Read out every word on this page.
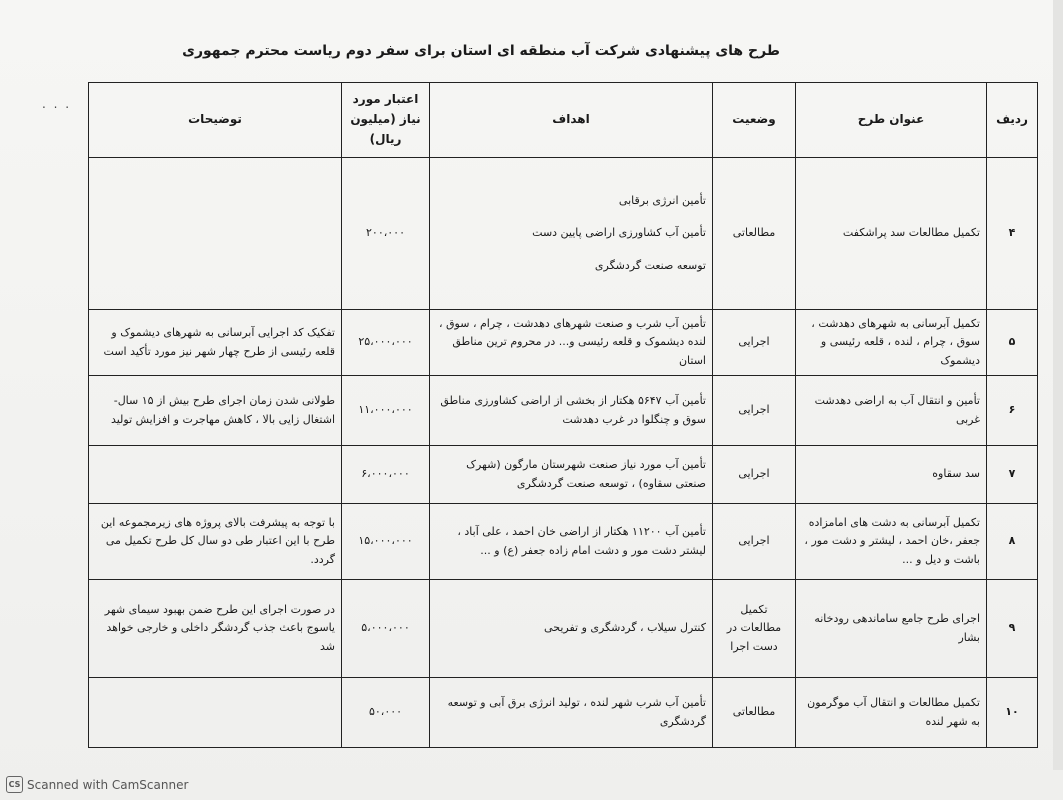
. . .
طرح های پیشنهادی شرکت آب منطقه ای استان برای سفر دوم ریاست محترم جمهوری
ردیف	عنوان طرح	وضعیت	اهداف	اعتبار مورد نیاز (میلیون ریال)	توضیحات
۴	تکمیل مطالعات سد پراشکفت	مطالعاتی	تأمین انرژی برقابی
تأمین آب کشاورزی اراضی پایین دست
توسعه صنعت گردشگری	۲۰۰،۰۰۰	
۵	تکمیل آبرسانی به شهرهای دهدشت ، سوق ، چرام ، لنده ، قلعه رئیسی و دیشموک	اجرایی	تأمین آب شرب و صنعت شهرهای دهدشت ، چرام ، سوق ، لنده دیشموک و قلعه رئیسی و... در محروم ترین مناطق استان	۲۵،۰۰۰،۰۰۰	تفکیک کد اجرایی آبرسانی به شهرهای دیشموک و قلعه رئیسی از طرح چهار شهر نیز مورد تأکید است
۶	تأمین و انتقال آب به اراضی دهدشت غربی	اجرایی	تأمین آب ۵۶۴۷ هکتار از بخشی از اراضی کشاورزی مناطق سوق و چنگلوا در غرب دهدشت	۱۱،۰۰۰،۰۰۰	طولانی شدن زمان اجرای طرح بیش از ۱۵ سال- اشتغال زایی بالا ، کاهش مهاجرت و افزایش تولید
۷	سد سقاوه	اجرایی	تأمین آب مورد نیاز صنعت شهرستان مارگون (شهرک صنعتی سقاوه) ، توسعه صنعت گردشگری	۶،۰۰۰،۰۰۰	
۸	تکمیل آبرسانی به دشت های امامزاده جعفر ،خان احمد ، لیشتر و دشت مور ، باشت و دیل و ...	اجرایی	تأمین آب ۱۱۲۰۰ هکتار از اراضی خان احمد ، علی آباد ، لیشتر دشت مور و دشت امام زاده جعفر (ع) و ...	۱۵،۰۰۰،۰۰۰	با توجه به پیشرفت بالای پروژه های زیرمجموعه این طرح با این اعتبار طی دو سال کل طرح تکمیل می گردد.
۹	اجرای طرح جامع ساماندهی رودخانه بشار	تکمیل مطالعات در دست اجرا	کنترل سیلاب ، گردشگری و تفریحی	۵،۰۰۰،۰۰۰	در صورت اجرای این طرح ضمن بهبود سیمای شهر یاسوج باعث جذب گردشگر داخلی و خارجی خواهد شد
۱۰	تکمیل مطالعات و انتقال آب موگرمون به شهر لنده	مطالعاتی	تأمین آب شرب شهر لنده ، تولید انرژی برق آبی و توسعه گردشگری	۵۰،۰۰۰	
CS Scanned with CamScanner
